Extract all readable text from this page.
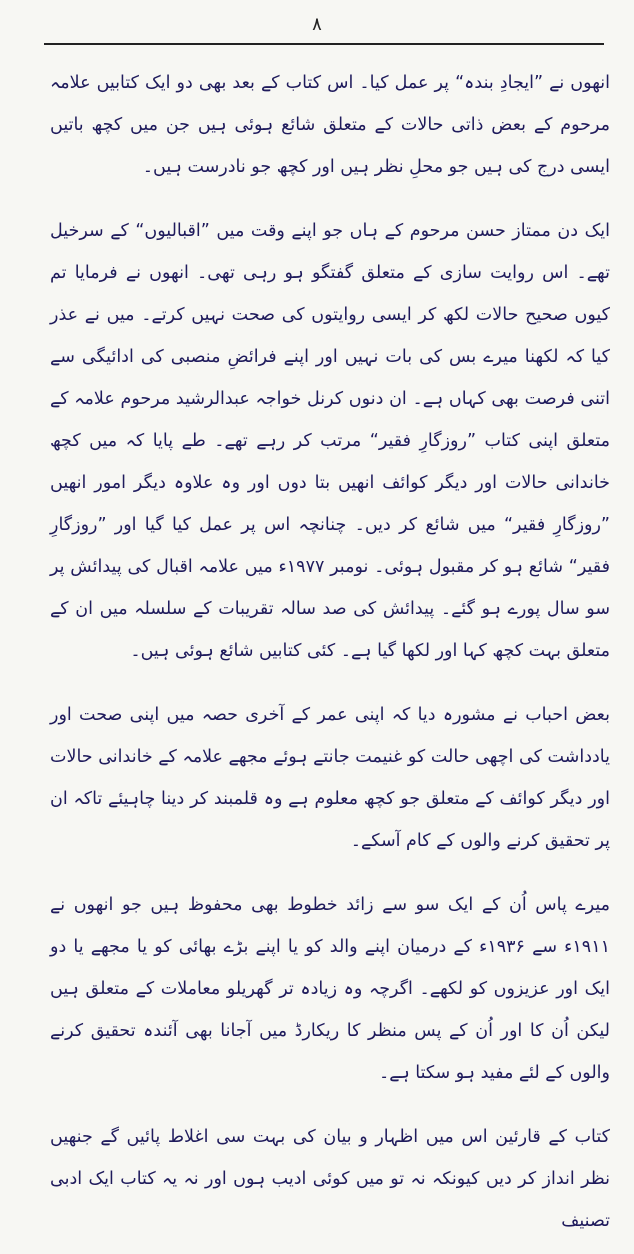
٨

انھوں نے ”ایجادِ بندہ“ پر عمل کیا۔ اس کتاب کے بعد بھی دو ایک کتابیں علامہ مرحوم کے بعض ذاتی حالات کے متعلق شائع ہوئی ہیں جن میں کچھ باتیں ایسی درج کی ہیں جو محلِ نظر ہیں اور کچھ جو نادرست ہیں۔

ایک دن ممتاز حسن مرحوم کے ہاں جو اپنے وقت میں ”اقبالیوں“ کے سرخیل تھے۔ اس روایت سازی کے متعلق گفتگو ہو رہی تھی۔ انھوں نے فرمایا تم کیوں صحیح حالات لکھ کر ایسی روایتوں کی صحت نہیں کرتے۔ میں نے عذر کیا کہ لکھنا میرے بس کی بات نہیں اور اپنے فرائضِ منصبی کی ادائیگی سے اتنی فرصت بھی کہاں ہے۔ ان دنوں کرنل خواجہ عبدالرشید مرحوم علامہ کے متعلق اپنی کتاب ”روزگارِ فقیر“ مرتب کر رہے تھے۔ طے پایا کہ میں کچھ خاندانی حالات اور دیگر کوائف انھیں بتا دوں اور وہ علاوہ دیگر امور انھیں ”روزگارِ فقیر“ میں شائع کر دیں۔ چنانچہ اس پر عمل کیا گیا اور ”روزگارِ فقیر“ شائع ہو کر مقبول ہوئی۔ نومبر ۱۹۷۷ء میں علامہ اقبال کی پیدائش پر سو سال پورے ہو گئے۔ پیدائش کی صد سالہ تقریبات کے سلسلہ میں ان کے متعلق بہت کچھ کہا اور لکھا گیا ہے۔ کئی کتابیں شائع ہوئی ہیں۔

بعض احباب نے مشورہ دیا کہ اپنی عمر کے آخری حصہ میں اپنی صحت اور یادداشت کی اچھی حالت کو غنیمت جانتے ہوئے مجھے علامہ کے خاندانی حالات اور دیگر کوائف کے متعلق جو کچھ معلوم ہے وہ قلمبند کر دینا چاہیئے تاکہ ان پر تحقیق کرنے والوں کے کام آسکے۔

میرے پاس اُن کے ایک سو سے زائد خطوط بھی محفوظ ہیں جو انھوں نے ۱۹۱۱ء سے ۱۹۳۶ء کے درمیان اپنے والد کو یا اپنے بڑے بھائی کو یا مجھے یا دو ایک اور عزیزوں کو لکھے۔ اگرچہ وہ زیادہ تر گھریلو معاملات کے متعلق ہیں لیکن اُن کا اور اُن کے پس منظر کا ریکارڈ میں آجانا بھی آئندہ تحقیق کرنے والوں کے لئے مفید ہو سکتا ہے۔

کتاب کے قارئین اس میں اظہار و بیان کی بہت سی اغلاط پائیں گے جنھیں نظر انداز کر دیں کیونکہ نہ تو میں کوئی ادیب ہوں اور نہ یہ کتاب ایک ادبی تصنیف
